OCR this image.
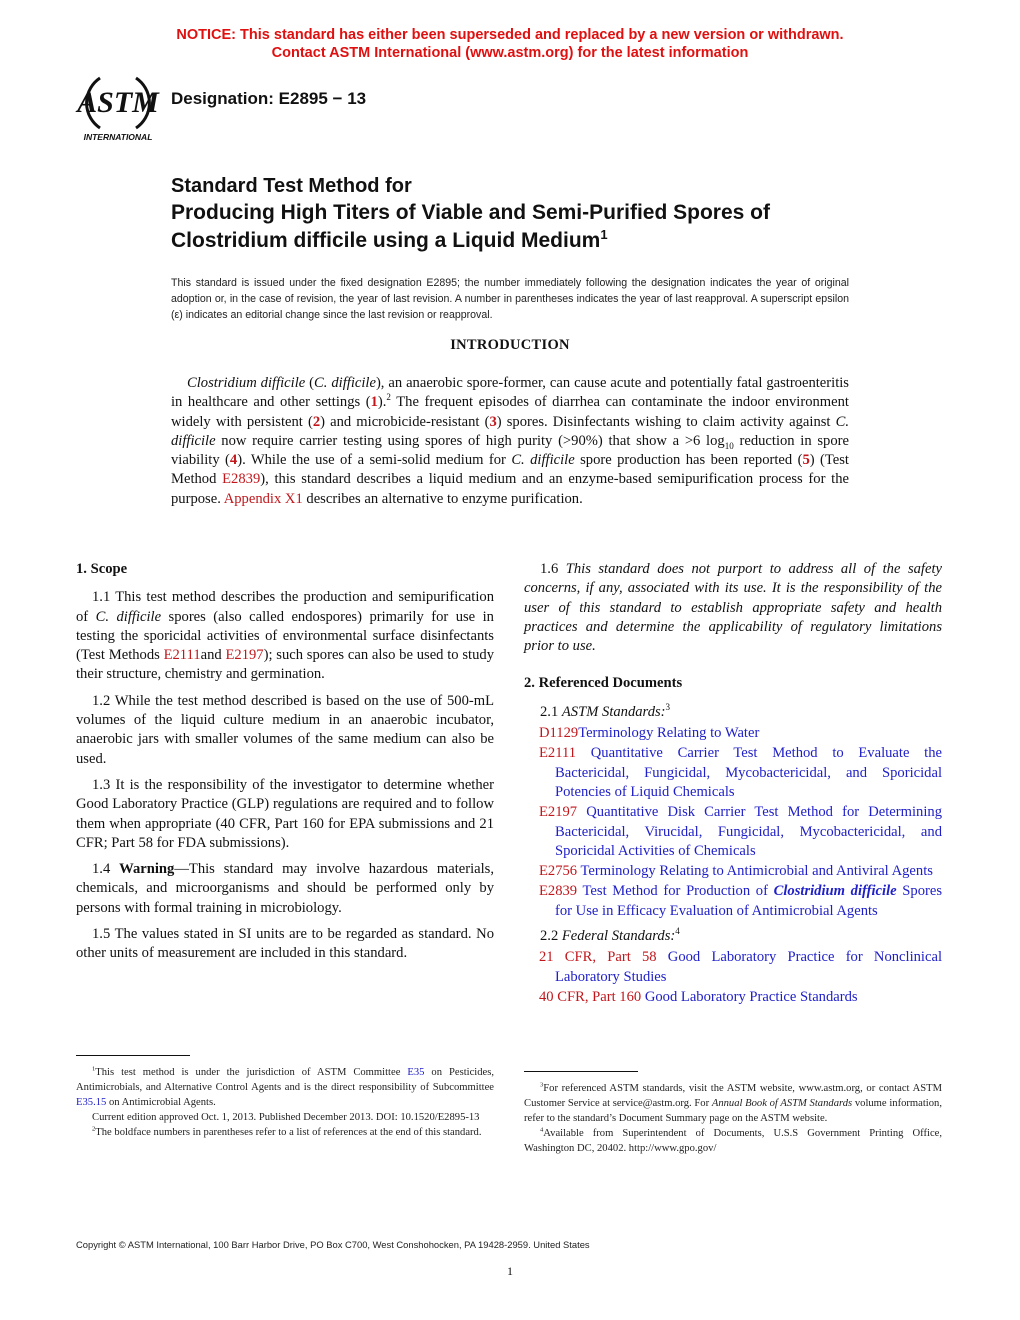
NOTICE: This standard has either been superseded and replaced by a new version or withdrawn.
Contact ASTM International (www.astm.org) for the latest information
ASTM
INTERNATIONAL
Designation: E2895 − 13
Standard Test Method for
Producing High Titers of Viable and Semi-Purified Spores of Clostridium difficile using a Liquid Medium$^1$
This standard is issued under the fixed designation E2895; the number immediately following the designation indicates the year of original adoption or, in the case of revision, the year of last revision. A number in parentheses indicates the year of last reapproval. A superscript epsilon (ε) indicates an editorial change since the last revision or reapproval.
INTRODUCTION

Clostridium difficile (C. difficile), an anaerobic spore-former, can cause acute and potentially fatal gastroenteritis in healthcare and other settings (1).$^2$ The frequent episodes of diarrhea can contaminate the indoor environment widely with persistent (2) and microbicide-resistant (3) spores. Disinfectants wishing to claim activity against C. difficile now require carrier testing using spores of high purity (>90%) that show a >6 $\log_{10}$ reduction in spore viability (4). While the use of a semi-solid medium for C. difficile spore production has been reported (5) (Test Method E2839), this standard describes a liquid medium and an enzyme-based semipurification process for the purpose. Appendix X1 describes an alternative to enzyme purification.

1. Scope

1.1 This test method describes the production and semipurification of C. difficile spores (also called endospores) primarily for use in testing the sporicidal activities of environmental surface disinfectants (Test Methods E2111and E2197); such spores can also be used to study their structure, chemistry and germination.

1.2 While the test method described is based on the use of 500-mL volumes of the liquid culture medium in an anaerobic incubator, anaerobic jars with smaller volumes of the same medium can also be used.

1.3 It is the responsibility of the investigator to determine whether Good Laboratory Practice (GLP) regulations are required and to follow them when appropriate (40 CFR, Part 160 for EPA submissions and 21 CFR; Part 58 for FDA submissions).

1.4 Warning—This standard may involve hazardous materials, chemicals, and microorganisms and should be performed only by persons with formal training in microbiology.

1.5 The values stated in SI units are to be regarded as standard. No other units of measurement are included in this standard.

1.6 This standard does not purport to address all of the safety concerns, if any, associated with its use. It is the responsibility of the user of this standard to establish appropriate safety and health practices and determine the applicability of regulatory limitations prior to use.

2. Referenced Documents
2.1 ASTM Standards:$^3$
D1129Terminology Relating to Water
E2111 Quantitative Carrier Test Method to Evaluate the Bactericidal, Fungicidal, Mycobactericidal, and Sporicidal Potencies of Liquid Chemicals
E2197 Quantitative Disk Carrier Test Method for Determining Bactericidal, Virucidal, Fungicidal, Mycobactericidal, and Sporicidal Activities of Chemicals
E2756 Terminology Relating to Antimicrobial and Antiviral Agents
E2839 Test Method for Production of Clostridium difficile Spores for Use in Efficacy Evaluation of Antimicrobial Agents
2.2 Federal Standards:$^4$
21 CFR, Part 58 Good Laboratory Practice for Nonclinical Laboratory Studies
40 CFR, Part 160 Good Laboratory Practice Standards

$^1$This test method is under the jurisdiction of ASTM Committee E35 on Pesticides, Antimicrobials, and Alternative Control Agents and is the direct responsibility of Subcommittee E35.15 on Antimicrobial Agents.

Current edition approved Oct. 1, 2013. Published December 2013. DOI: 10.1520/E2895-13

$^2$The boldface numbers in parentheses refer to a list of references at the end of this standard.

$^3$For referenced ASTM standards, visit the ASTM website, www.astm.org, or contact ASTM Customer Service at service@astm.org. For Annual Book of ASTM Standards volume information, refer to the standard’s Document Summary page on the ASTM website.

$^4$Available from Superintendent of Documents, U.S.S Government Printing Office, Washington DC, 20402. http://www.gpo.gov/

Copyright © ASTM International, 100 Barr Harbor Drive, PO Box C700, West Conshohocken, PA 19428-2959. United States
1
